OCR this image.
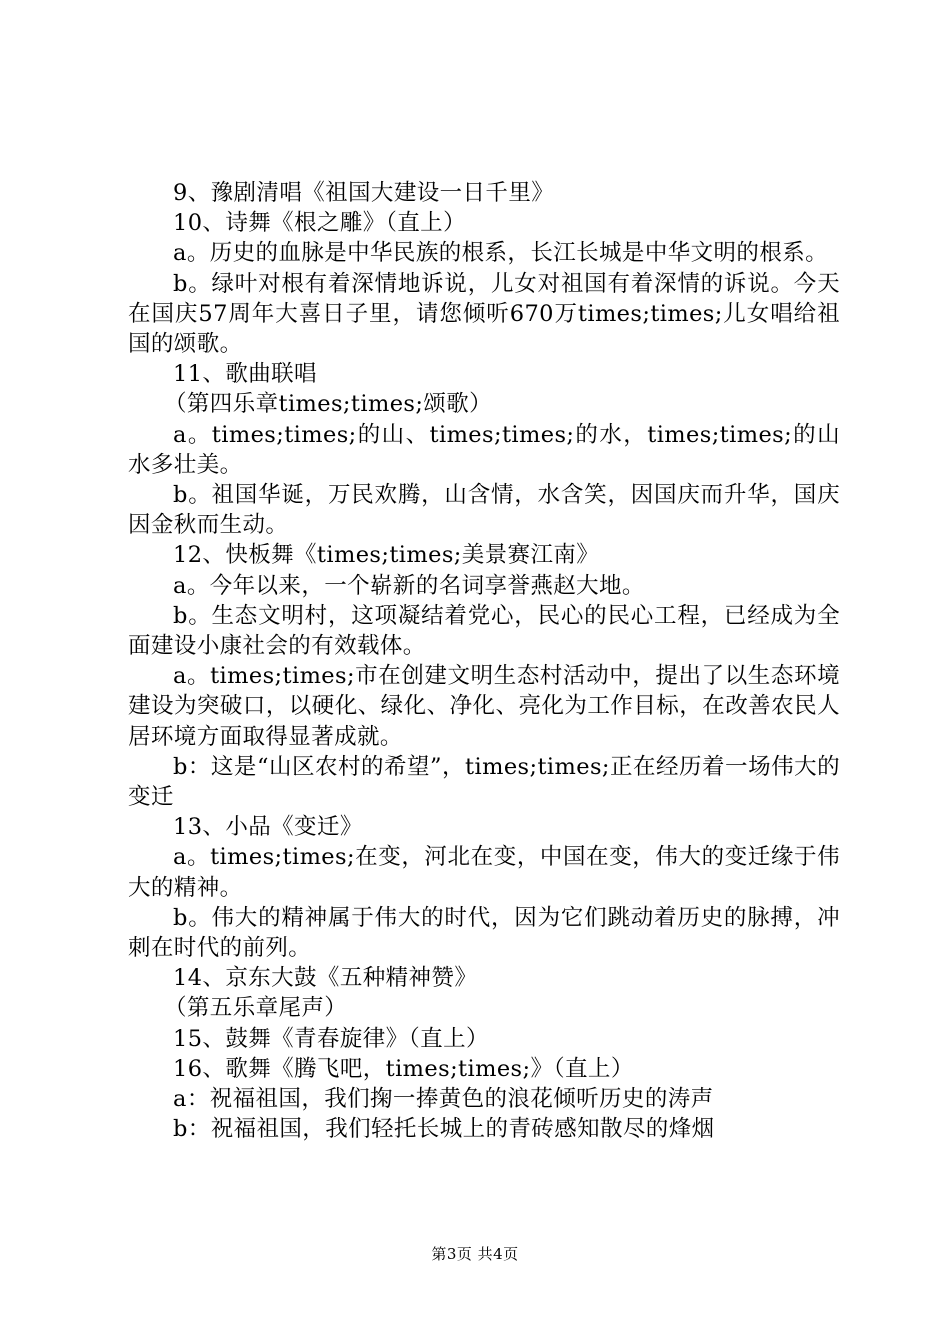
9、豫剧清唱《祖国大建设一日千里》

10、诗舞《根之雕》（直上）

a。历史的血脉是中华民族的根系，长江长城是中华文明的根系。

b。绿叶对根有着深情地诉说，儿女对祖国有着深情的诉说。今天在国庆57周年大喜日子里，请您倾听670万times;times;儿女唱给祖国的颂歌。

11、歌曲联唱

（第四乐章times;times;颂歌）

a。times;times;的山、times;times;的水，times;times;的山水多壮美。

b。祖国华诞，万民欢腾，山含情，水含笑，因国庆而升华，国庆因金秋而生动。

12、快板舞《times;times;美景赛江南》

a。今年以来，一个崭新的名词享誉燕赵大地。

b。生态文明村，这项凝结着党心，民心的民心工程，已经成为全面建设小康社会的有效载体。

a。times;times;市在创建文明生态村活动中，提出了以生态环境建设为突破口，以硬化、绿化、净化、亮化为工作目标，在改善农民人居环境方面取得显著成就。

b：这是“山区农村的希望”，times;times;正在经历着一场伟大的变迁

13、小品《变迁》

a。times;times;在变，河北在变，中国在变，伟大的变迁缘于伟大的精神。

b。伟大的精神属于伟大的时代，因为它们跳动着历史的脉搏，冲刺在时代的前列。

14、京东大鼓《五种精神赞》

（第五乐章尾声）

15、鼓舞《青春旋律》（直上）

16、歌舞《腾飞吧，times;times;》（直上）

a：祝福祖国，我们掬一捧黄色的浪花倾听历史的涛声

b：祝福祖国，我们轻托长城上的青砖感知散尽的烽烟

第3页 共4页
